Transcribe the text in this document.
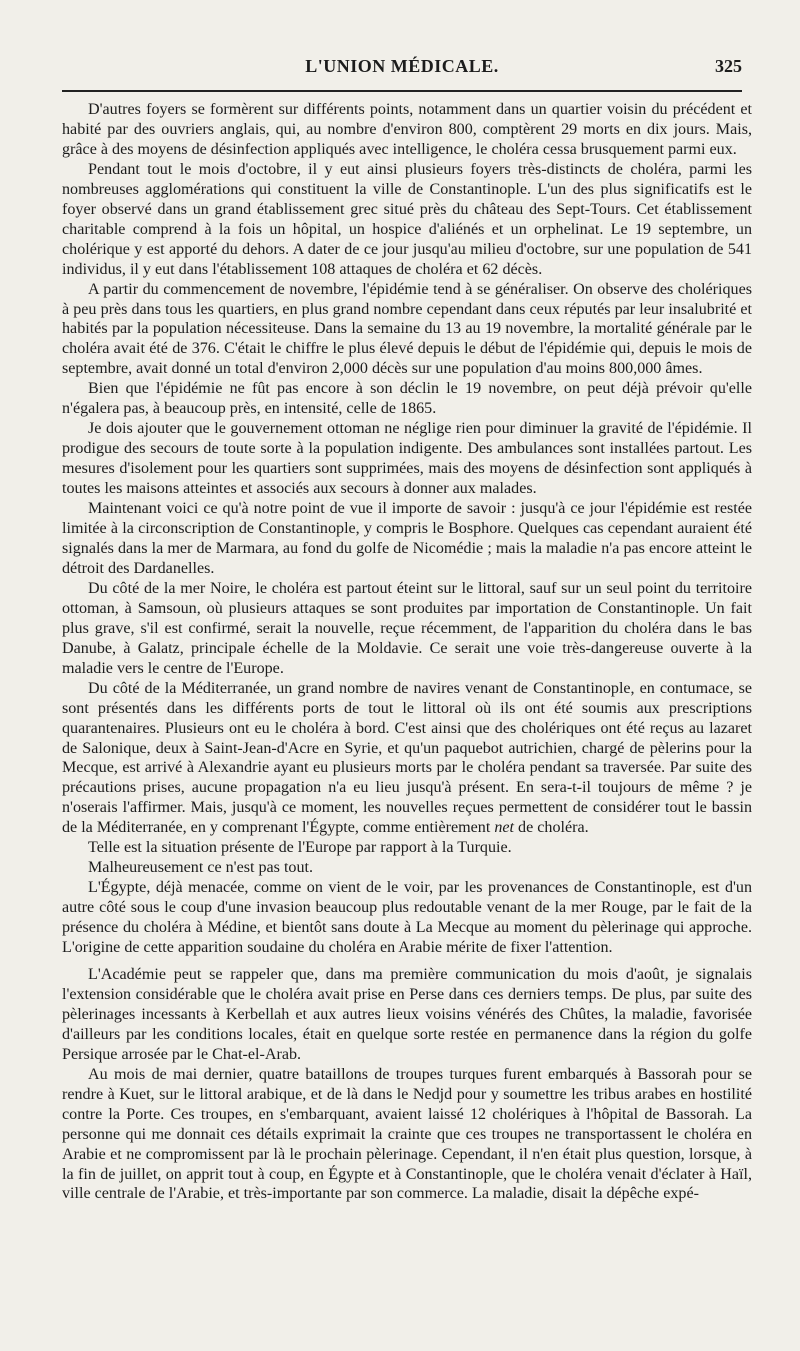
L'UNION MÉDICALE.	325

D'autres foyers se formèrent sur différents points, notamment dans un quartier voisin du précédent et habité par des ouvriers anglais, qui, au nombre d'environ 800, comptèrent 29 morts en dix jours. Mais, grâce à des moyens de désinfection appliqués avec intelligence, le choléra cessa brusquement parmi eux.

Pendant tout le mois d'octobre, il y eut ainsi plusieurs foyers très-distincts de choléra, parmi les nombreuses agglomérations qui constituent la ville de Constantinople. L'un des plus significatifs est le foyer observé dans un grand établissement grec situé près du château des Sept-Tours. Cet établissement charitable comprend à la fois un hôpital, un hospice d'aliénés et un orphelinat. Le 19 septembre, un cholérique y est apporté du dehors. A dater de ce jour jusqu'au milieu d'octobre, sur une population de 541 individus, il y eut dans l'établissement 108 attaques de choléra et 62 décès.

A partir du commencement de novembre, l'épidémie tend à se généraliser. On observe des cholériques à peu près dans tous les quartiers, en plus grand nombre cependant dans ceux réputés par leur insalubrité et habités par la population nécessiteuse. Dans la semaine du 13 au 19 novembre, la mortalité générale par le choléra avait été de 376. C'était le chiffre le plus élevé depuis le début de l'épidémie qui, depuis le mois de septembre, avait donné un total d'environ 2,000 décès sur une population d'au moins 800,000 âmes.

Bien que l'épidémie ne fût pas encore à son déclin le 19 novembre, on peut déjà prévoir qu'elle n'égalera pas, à beaucoup près, en intensité, celle de 1865.

Je dois ajouter que le gouvernement ottoman ne néglige rien pour diminuer la gravité de l'épidémie. Il prodigue des secours de toute sorte à la population indigente. Des ambulances sont installées partout. Les mesures d'isolement pour les quartiers sont supprimées, mais des moyens de désinfection sont appliqués à toutes les maisons atteintes et associés aux secours à donner aux malades.

Maintenant voici ce qu'à notre point de vue il importe de savoir : jusqu'à ce jour l'épidémie est restée limitée à la circonscription de Constantinople, y compris le Bosphore. Quelques cas cependant auraient été signalés dans la mer de Marmara, au fond du golfe de Nicomédie ; mais la maladie n'a pas encore atteint le détroit des Dardanelles.

Du côté de la mer Noire, le choléra est partout éteint sur le littoral, sauf sur un seul point du territoire ottoman, à Samsoun, où plusieurs attaques se sont produites par importation de Constantinople. Un fait plus grave, s'il est confirmé, serait la nouvelle, reçue récemment, de l'apparition du choléra dans le bas Danube, à Galatz, principale échelle de la Moldavie. Ce serait une voie très-dangereuse ouverte à la maladie vers le centre de l'Europe.

Du côté de la Méditerranée, un grand nombre de navires venant de Constantinople, en contumace, se sont présentés dans les différents ports de tout le littoral où ils ont été soumis aux prescriptions quarantenaires. Plusieurs ont eu le choléra à bord. C'est ainsi que des cholériques ont été reçus au lazaret de Salonique, deux à Saint-Jean-d'Acre en Syrie, et qu'un paquebot autrichien, chargé de pèlerins pour la Mecque, est arrivé à Alexandrie ayant eu plusieurs morts par le choléra pendant sa traversée. Par suite des précautions prises, aucune propagation n'a eu lieu jusqu'à présent. En sera-t-il toujours de même ? je n'oserais l'affirmer. Mais, jusqu'à ce moment, les nouvelles reçues permettent de considérer tout le bassin de la Méditerranée, en y comprenant l'Égypte, comme entièrement net de choléra.

Telle est la situation présente de l'Europe par rapport à la Turquie.

Malheureusement ce n'est pas tout.

L'Égypte, déjà menacée, comme on vient de le voir, par les provenances de Constantinople, est d'un autre côté sous le coup d'une invasion beaucoup plus redoutable venant de la mer Rouge, par le fait de la présence du choléra à Médine, et bientôt sans doute à La Mecque au moment du pèlerinage qui approche. L'origine de cette apparition soudaine du choléra en Arabie mérite de fixer l'attention.

L'Académie peut se rappeler que, dans ma première communication du mois d'août, je signalais l'extension considérable que le choléra avait prise en Perse dans ces derniers temps. De plus, par suite des pèlerinages incessants à Kerbellah et aux autres lieux voisins vénérés des Chûtes, la maladie, favorisée d'ailleurs par les conditions locales, était en quelque sorte restée en permanence dans la région du golfe Persique arrosée par le Chat-el-Arab.

Au mois de mai dernier, quatre bataillons de troupes turques furent embarqués à Bassorah pour se rendre à Kuet, sur le littoral arabique, et de là dans le Nedjd pour y soumettre les tribus arabes en hostilité contre la Porte. Ces troupes, en s'embarquant, avaient laissé 12 cholériques à l'hôpital de Bassorah. La personne qui me donnait ces détails exprimait la crainte que ces troupes ne transportassent le choléra en Arabie et ne compromissent par là le prochain pèlerinage. Cependant, il n'en était plus question, lorsque, à la fin de juillet, on apprit tout à coup, en Égypte et à Constantinople, que le choléra venait d'éclater à Haïl, ville centrale de l'Arabie, et très-importante par son commerce. La maladie, disait la dépêche expé-
